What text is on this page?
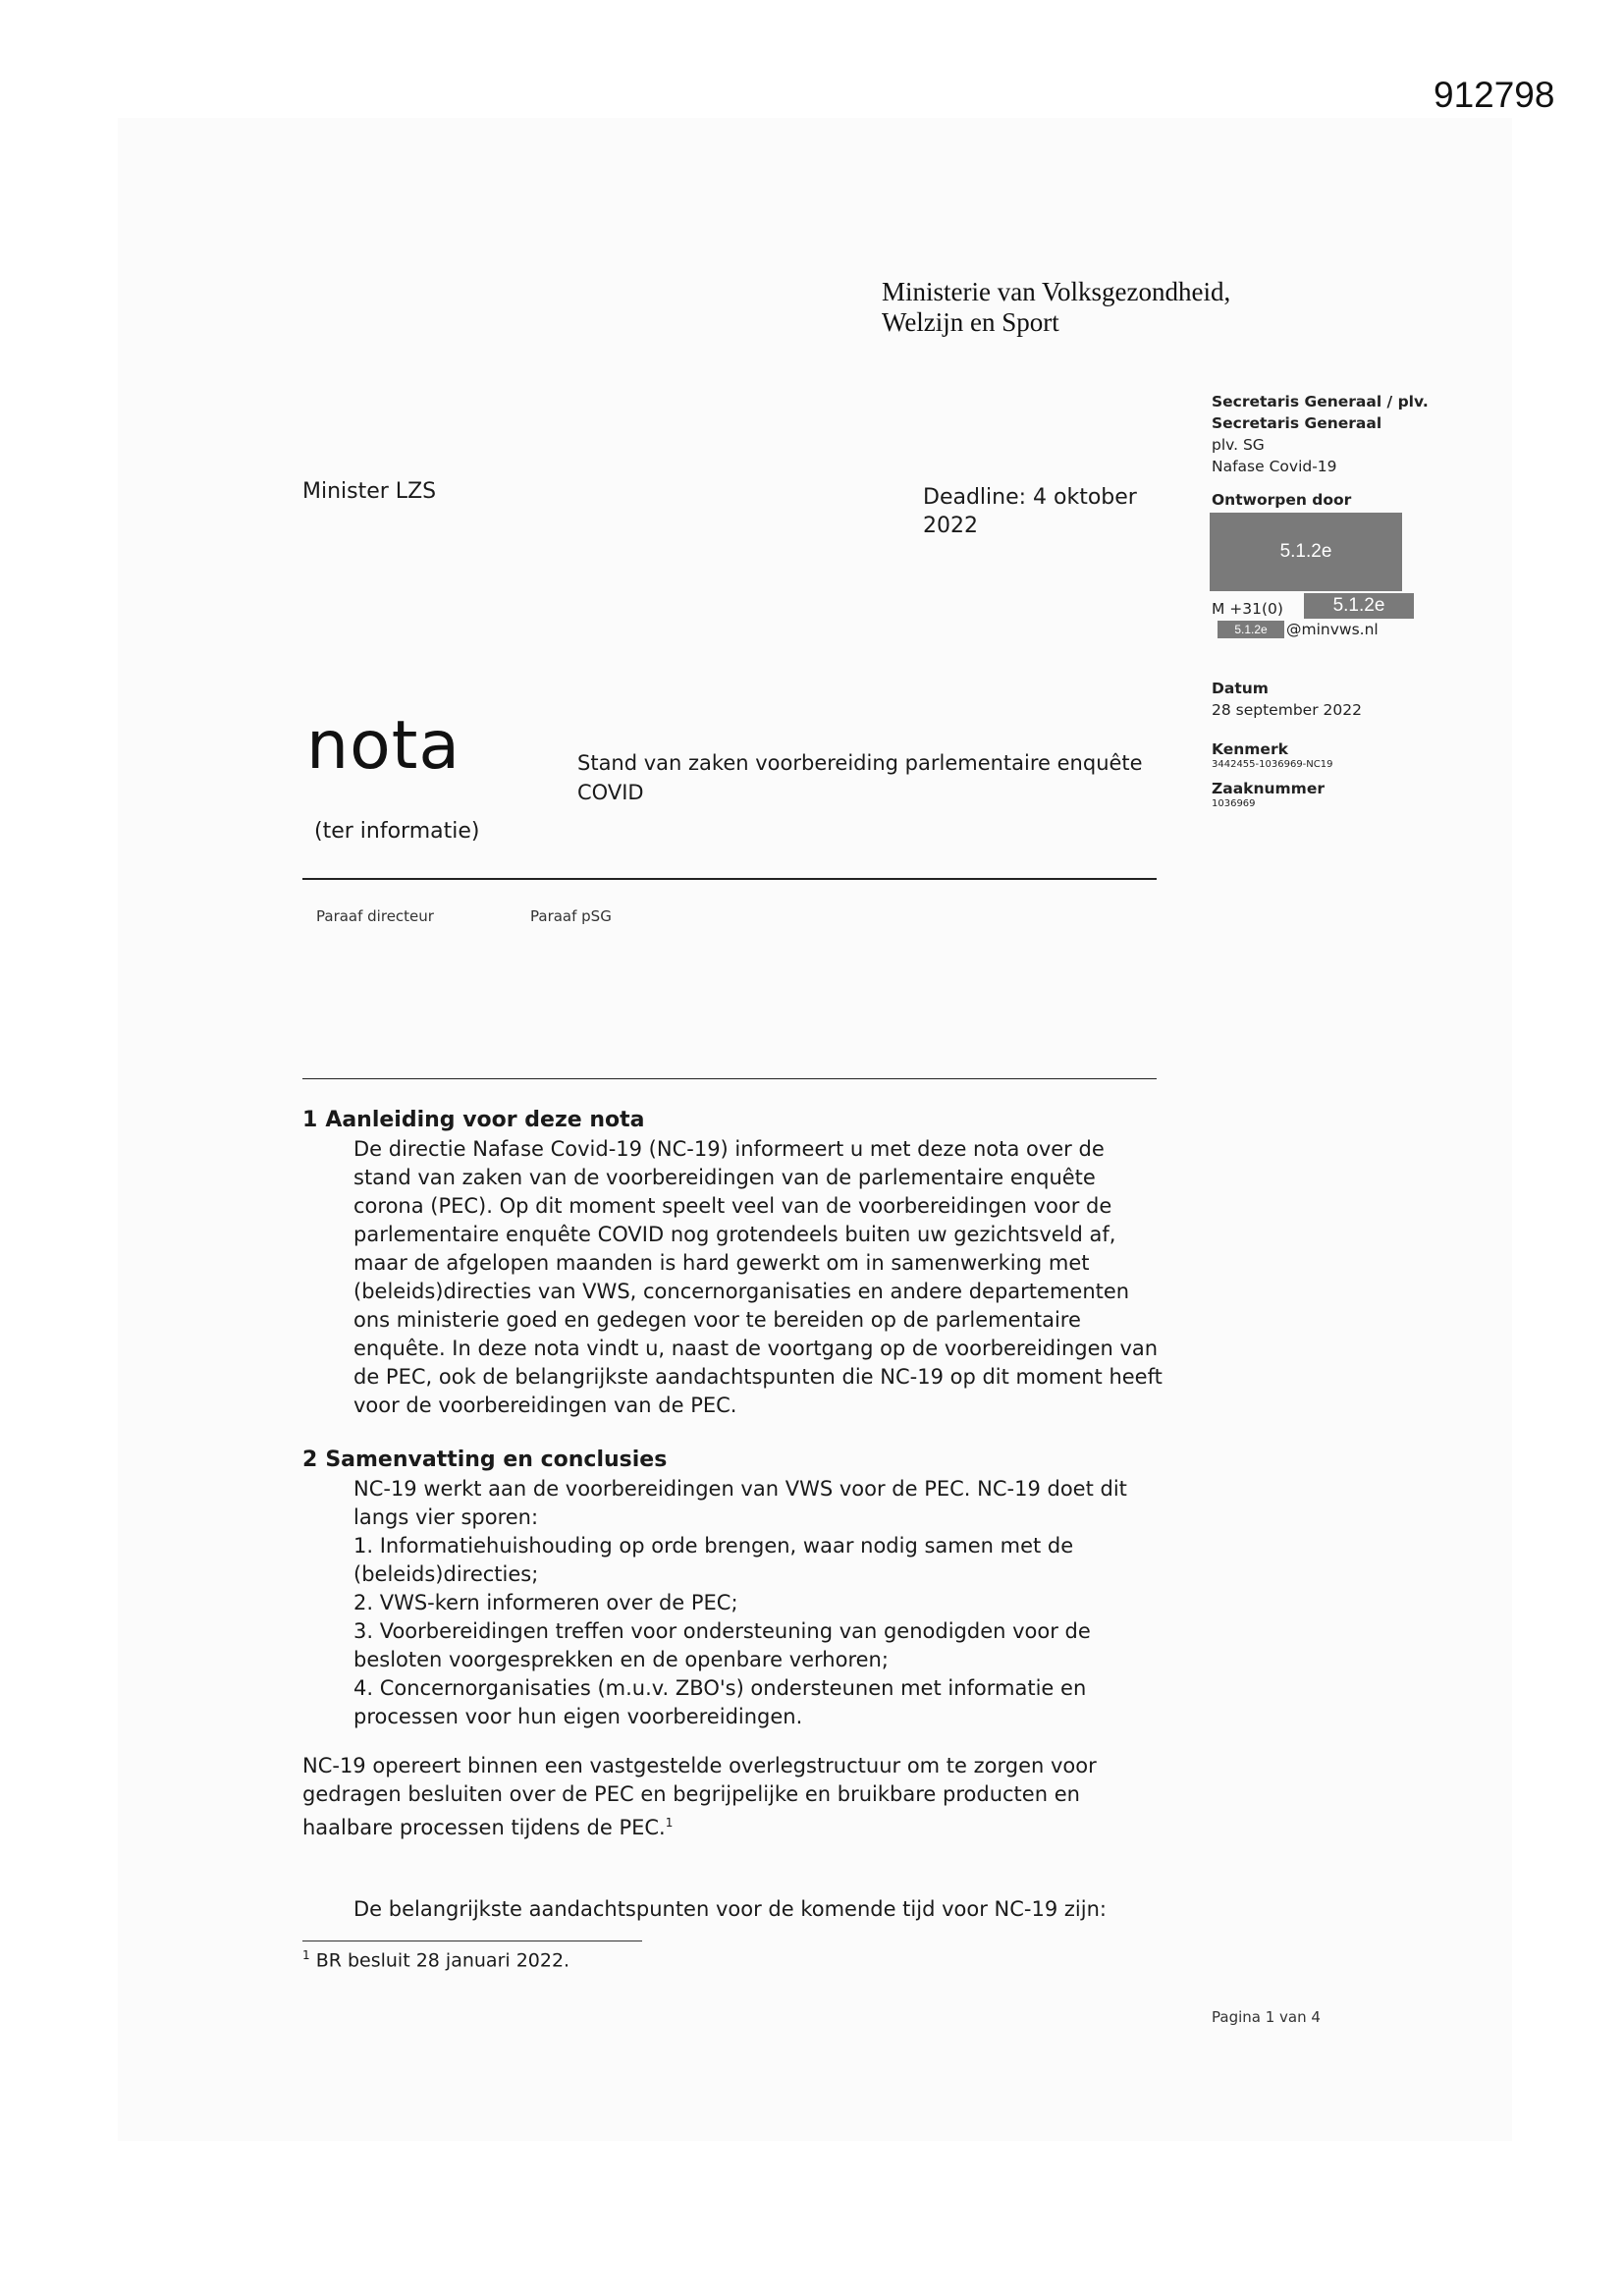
912798
Ministerie van Volksgezondheid,
Welzijn en Sport
Minister LZS	Deadline: 4 oktober
2022
Secretaris Generaal / plv.
Secretaris Generaal
plv. SG
Nafase Covid-19
Ontworpen door
5.1.2e
M +31(0)	5.1.2e
5.1.2e	@minvws.nl
Datum
28 september 2022
Kenmerk
3442455-1036969-NC19
Zaaknummer
1036969
nota	Stand van zaken voorbereiding parlementaire enquête COVID
(ter informatie)
Paraaf directeur	Paraaf pSG
1 Aanleiding voor deze nota
De directie Nafase Covid-19 (NC-19) informeert u met deze nota over de
stand van zaken van de voorbereidingen van de parlementaire enquête
corona (PEC). Op dit moment speelt veel van de voorbereidingen voor de
parlementaire enquête COVID nog grotendeels buiten uw gezichtsveld af,
maar de afgelopen maanden is hard gewerkt om in samenwerking met
(beleids)directies van VWS, concernorganisaties en andere departementen
ons ministerie goed en gedegen voor te bereiden op de parlementaire
enquête. In deze nota vindt u, naast de voortgang op de voorbereidingen van
de PEC, ook de belangrijkste aandachtspunten die NC-19 op dit moment heeft
voor de voorbereidingen van de PEC.
2 Samenvatting en conclusies
NC-19 werkt aan de voorbereidingen van VWS voor de PEC. NC-19 doet dit
langs vier sporen:
1. Informatiehuishouding op orde brengen, waar nodig samen met de
(beleids)directies;
2. VWS-kern informeren over de PEC;
3. Voorbereidingen treffen voor ondersteuning van genodigden voor de
besloten voorgesprekken en de openbare verhoren;
4. Concernorganisaties (m.u.v. ZBO's) ondersteunen met informatie en
processen voor hun eigen voorbereidingen.
NC-19 opereert binnen een vastgestelde overlegstructuur om te zorgen voor
gedragen besluiten over de PEC en begrijpelijke en bruikbare producten en
haalbare processen tijdens de PEC.$^1$
De belangrijkste aandachtspunten voor de komende tijd voor NC-19 zijn:
$^1$ BR besluit 28 januari 2022.
Pagina 1 van 4
